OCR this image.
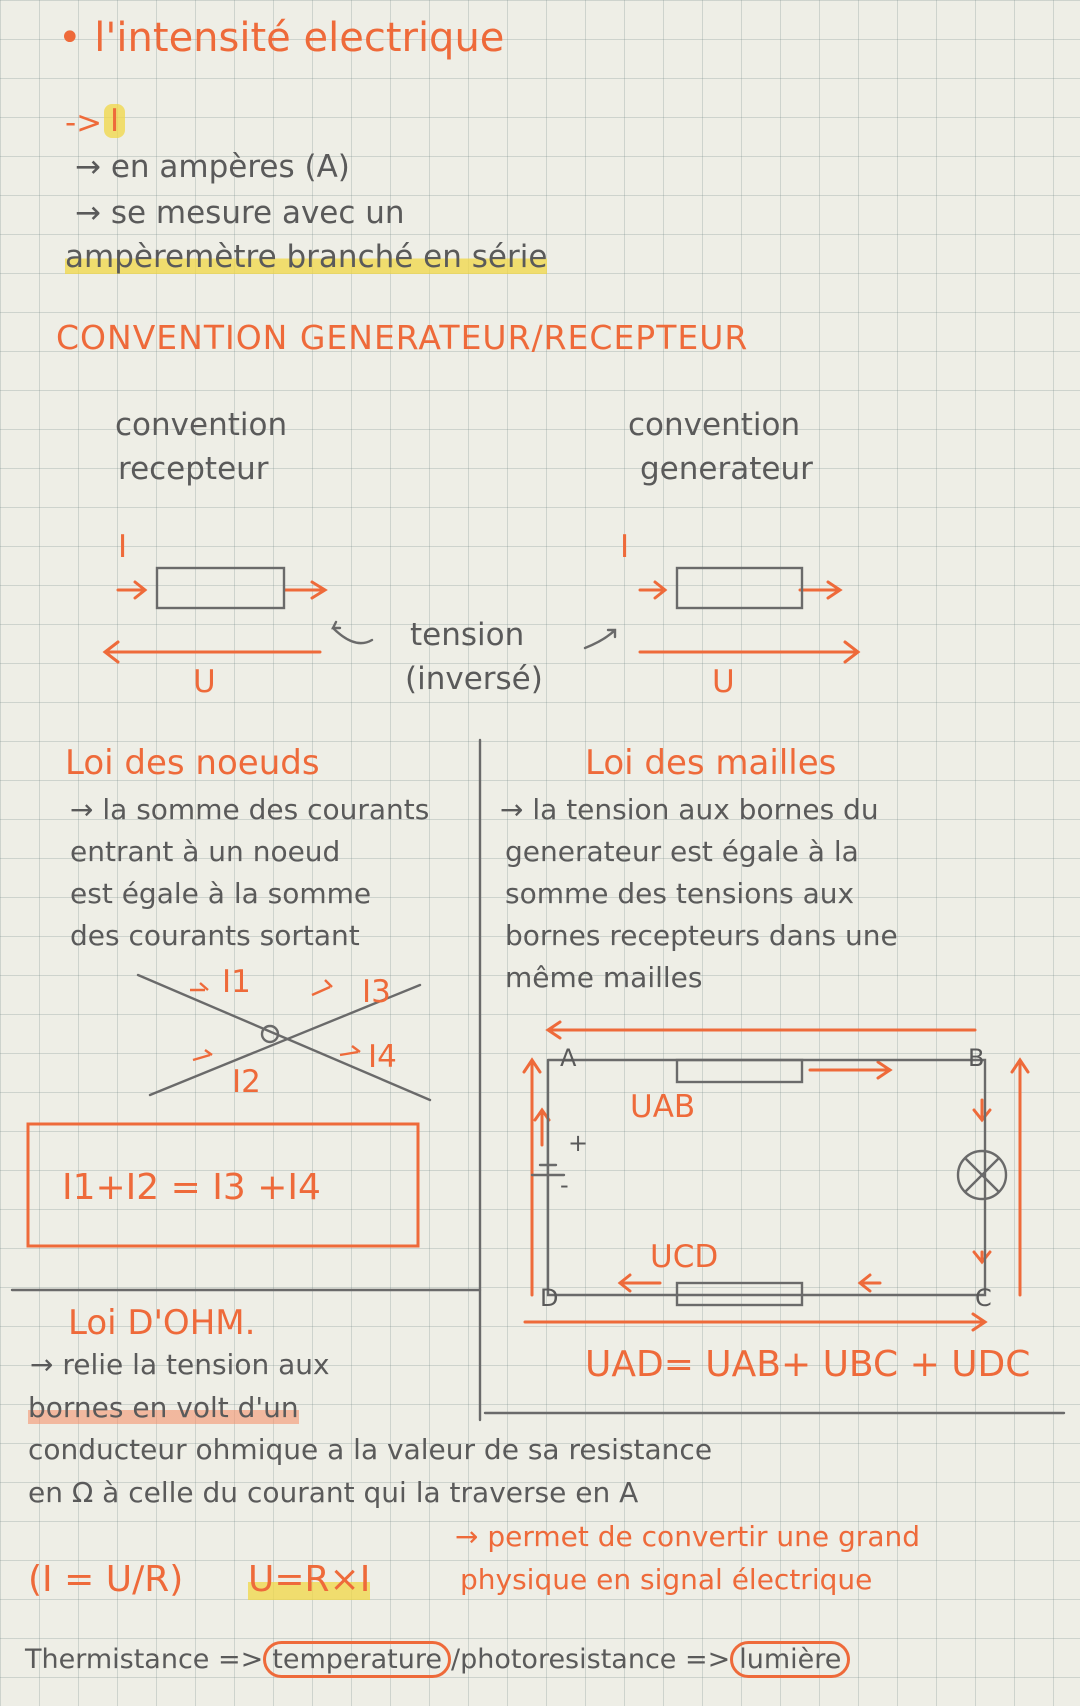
• l'intensité electrique
-> I
→ en ampères (A)
→ se mesure avec un
ampèremètre branché en série
CONVENTION GENERATEUR/RECEPTEUR
convention
recepteur
convention
generateur
I	I
U	U
tension
(inversé)
Loi des noeuds
→ la somme des courants
entrant à un noeud
est égale à la somme
des courants sortant
I1
I2
I3
I4
I1+I2 = I3 +I4
Loi des mailles
→ la tension aux bornes du
generateur est égale à la
somme des tensions aux
bornes recepteurs dans une
même mailles
A	B
C
D
UAB
UCD
+
-
UAD= UAB+ UBC + UDC
Loi D'OHM.
→ relie la tension aux
bornes en volt d'un
conducteur ohmique a la valeur de sa resistance
en Ω à celle du courant qui la traverse en A
(I = U/R) U=R×I
→ permet de convertir une grand
physique en signal électrique
Thermistance => temperature /photoresistance => lumière
